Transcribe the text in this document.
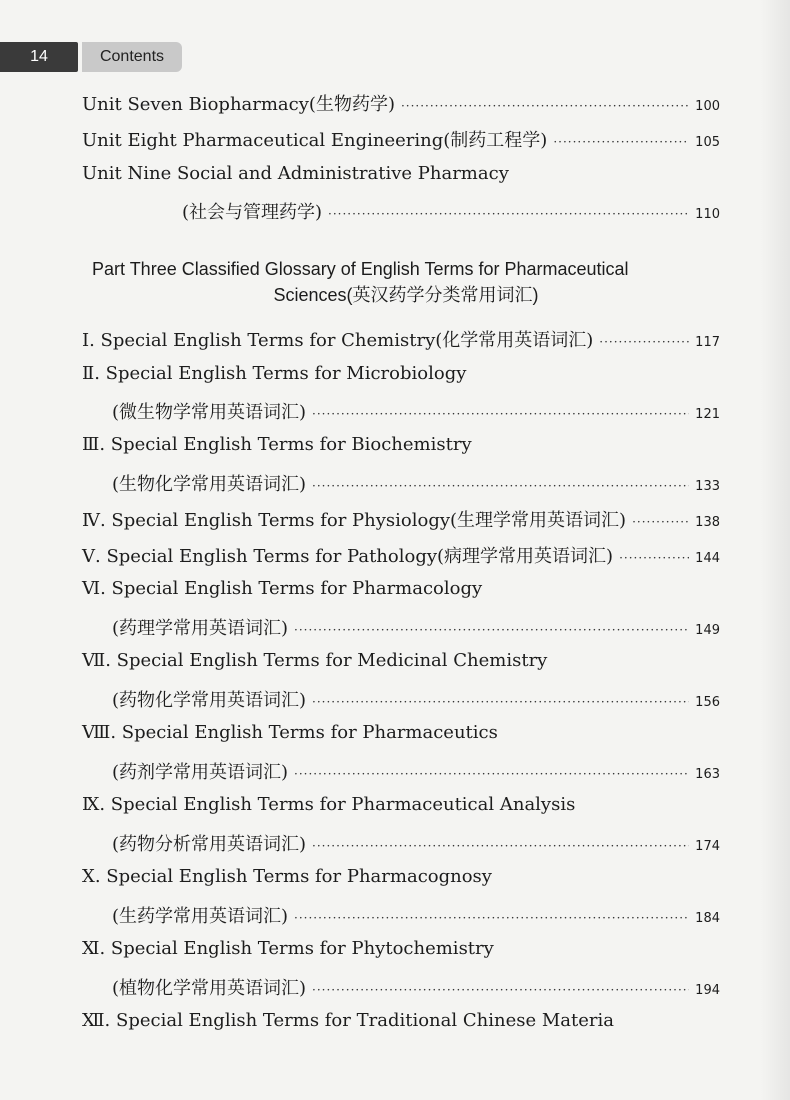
14	Contents
Unit Seven Biopharmacy(生物药学) ·····	100
Unit Eight Pharmaceutical Engineering(制药工程学) ·····	105
Unit Nine Social and Administrative Pharmacy
(社会与管理药学) ·····	110
Part Three Classified Glossary of English Terms for Pharmaceutical
Sciences(英汉药学分类常用词汇)
Ⅰ. Special English Terms for Chemistry(化学常用英语词汇) ·····	117
Ⅱ. Special English Terms for Microbiology
(微生物学常用英语词汇) ·····	121
Ⅲ. Special English Terms for Biochemistry
(生物化学常用英语词汇) ·····	133
Ⅳ. Special English Terms for Physiology(生理学常用英语词汇) ·····	138
Ⅴ. Special English Terms for Pathology(病理学常用英语词汇) ·····	144
Ⅵ. Special English Terms for Pharmacology
(药理学常用英语词汇) ·····	149
Ⅶ. Special English Terms for Medicinal Chemistry
(药物化学常用英语词汇) ·····	156
Ⅷ. Special English Terms for Pharmaceutics
(药剂学常用英语词汇) ·····	163
Ⅸ. Special English Terms for Pharmaceutical Analysis
(药物分析常用英语词汇) ·····	174
Ⅹ. Special English Terms for Pharmacognosy
(生药学常用英语词汇) ·····	184
Ⅺ. Special English Terms for Phytochemistry
(植物化学常用英语词汇) ·····	194
Ⅻ. Special English Terms for Traditional Chinese Materia
